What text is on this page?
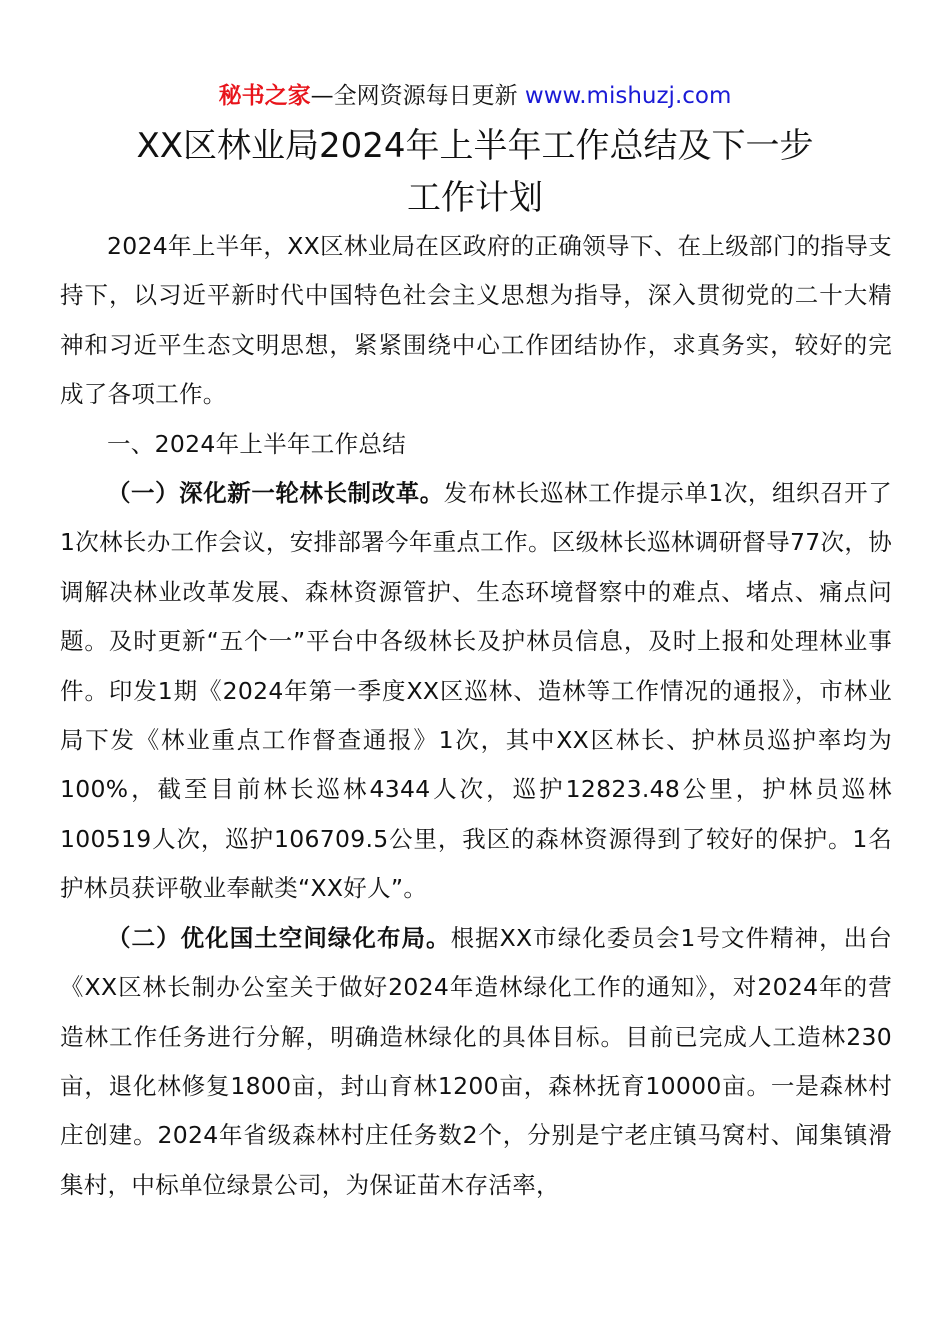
秘书之家—全网资源每日更新 www.mishuzj.com
XX区林业局2024年上半年工作总结及下一步
工作计划

2024年上半年，XX区林业局在区政府的正确领导下、在上级部门的指导支持下，以习近平新时代中国特色社会主义思想为指导，深入贯彻党的二十大精神和习近平生态文明思想，紧紧围绕中心工作团结协作，求真务实，较好的完成了各项工作。

一、2024年上半年工作总结

（一）深化新一轮林长制改革。发布林长巡林工作提示单1次，组织召开了1次林长办工作会议，安排部署今年重点工作。区级林长巡林调研督导77次，协调解决林业改革发展、森林资源管护、生态环境督察中的难点、堵点、痛点问题。及时更新“五个一”平台中各级林长及护林员信息，及时上报和处理林业事件。印发1期《2024年第一季度XX区巡林、造林等工作情况的通报》，市林业局下发《林业重点工作督查通报》1次，其中XX区林长、护林员巡护率均为100%，截至目前林长巡林4344人次，巡护12823.48公里，护林员巡林100519人次，巡护106709.5公里，我区的森林资源得到了较好的保护。1名护林员获评敬业奉献类“XX好人”。

（二）优化国土空间绿化布局。根据XX市绿化委员会1号文件精神，出台《XX区林长制办公室关于做好2024年造林绿化工作的通知》，对2024年的营造林工作任务进行分解，明确造林绿化的具体目标。目前已完成人工造林230亩，退化林修复1800亩，封山育林1200亩，森林抚育10000亩。一是森林村庄创建。2024年省级森林村庄任务数2个，分别是宁老庄镇马窝村、闻集镇滑集村，中标单位绿景公司，为保证苗木存活率，
